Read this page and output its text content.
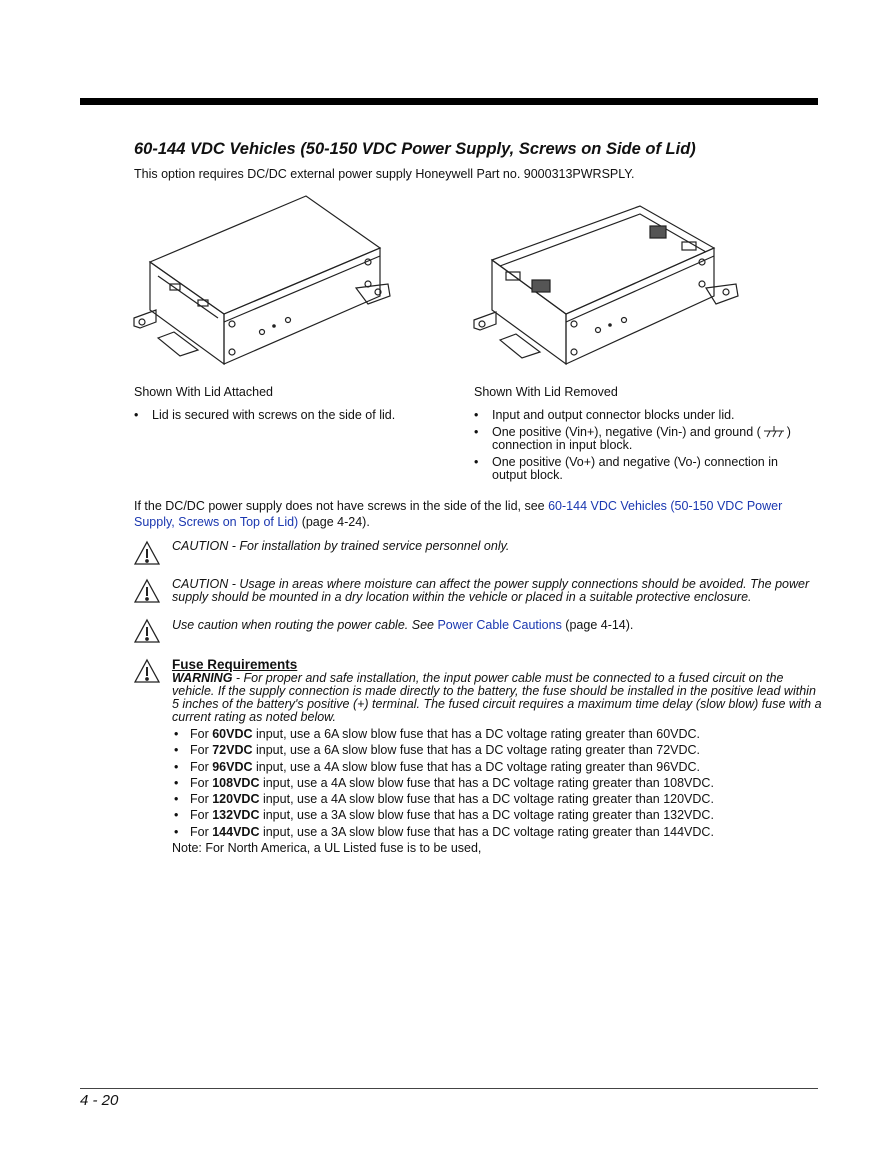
60-144 VDC Vehicles (50-150 VDC Power Supply, Screws on Side of Lid)
This option requires DC/DC external power supply Honeywell Part no. 9000313PWRSPLY.
Shown With Lid Attached
• Lid is secured with screws on the side of lid.
Shown With Lid Removed
• Input and output connector blocks under lid.
• One positive (Vin+), negative (Vin-) and ground ( ) connection in input block.
• One positive (Vo+) and negative (Vo-) connection in output block.
If the DC/DC power supply does not have screws in the side of the lid, see 60-144 VDC Vehicles (50-150 VDC Power Supply, Screws on Top of Lid) (page 4-24).
CAUTION - For installation by trained service personnel only.
CAUTION - Usage in areas where moisture can affect the power supply connections should be avoided. The power supply should be mounted in a dry location within the vehicle or placed in a suitable protective enclosure.
Use caution when routing the power cable. See Power Cable Cautions (page 4-14).
Fuse Requirements
WARNING - For proper and safe installation, the input power cable must be connected to a fused circuit on the vehicle. If the supply connection is made directly to the battery, the fuse should be installed in the positive lead within 5 inches of the battery's positive (+) terminal. The fused circuit requires a maximum time delay (slow blow) fuse with a current rating as noted below.
• For 60VDC input, use a 6A slow blow fuse that has a DC voltage rating greater than 60VDC.
• For 72VDC input, use a 6A slow blow fuse that has a DC voltage rating greater than 72VDC.
• For 96VDC input, use a 4A slow blow fuse that has a DC voltage rating greater than 96VDC.
• For 108VDC input, use a 4A slow blow fuse that has a DC voltage rating greater than 108VDC.
• For 120VDC input, use a 4A slow blow fuse that has a DC voltage rating greater than 120VDC.
• For 132VDC input, use a 3A slow blow fuse that has a DC voltage rating greater than 132VDC.
• For 144VDC input, use a 3A slow blow fuse that has a DC voltage rating greater than 144VDC.
Note: For North America, a UL Listed fuse is to be used,
4 - 20
